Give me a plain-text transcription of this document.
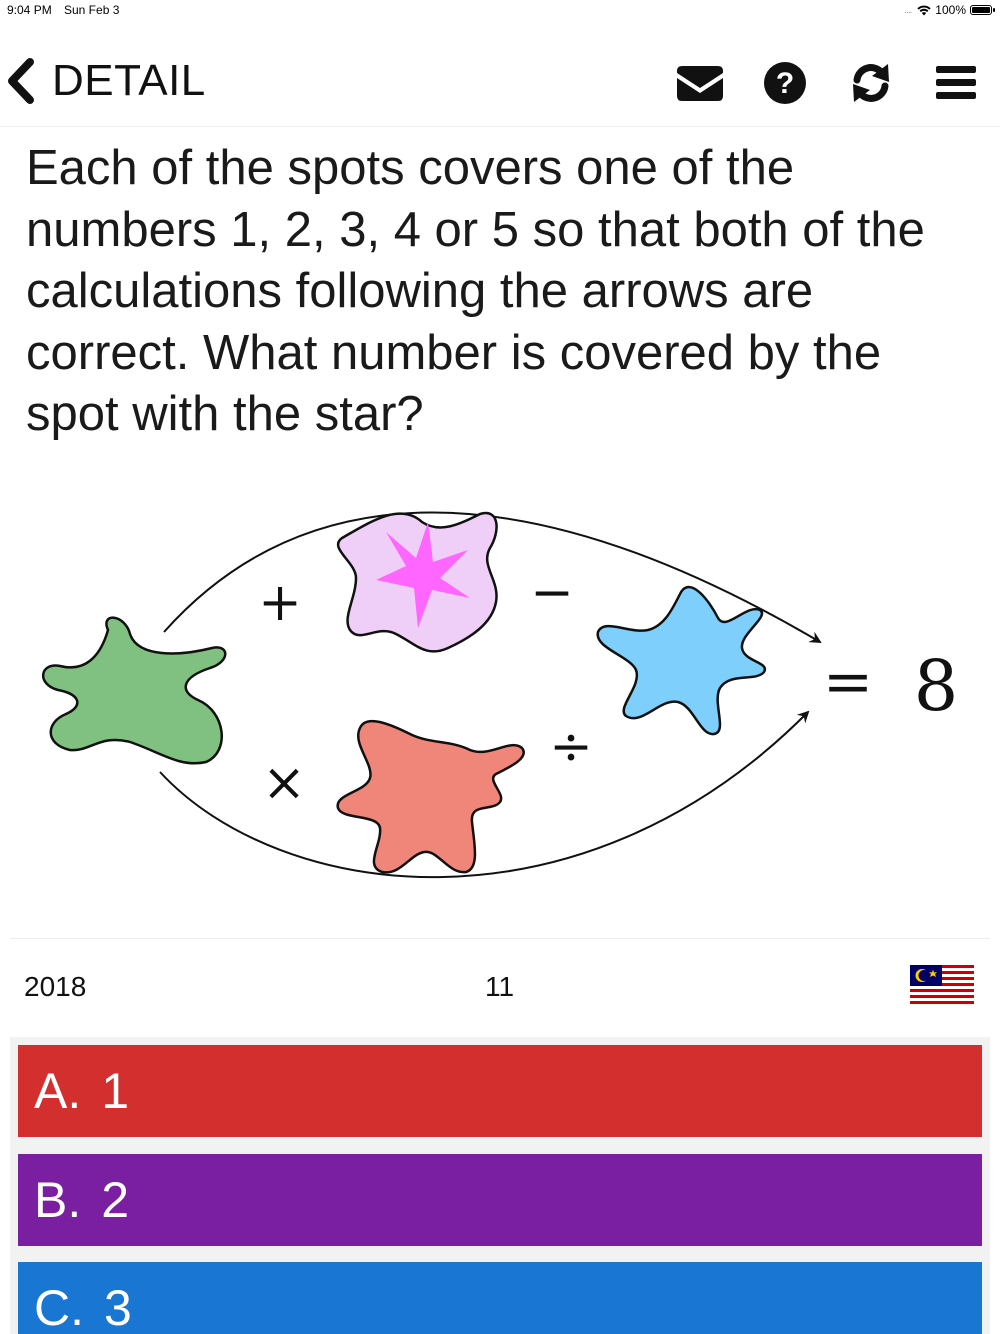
9:04 PM Sun Feb 3	.... 100%
DETAIL	?
Each of the spots covers one of the numbers 1, 2, 3, 4 or 5 so that both of the calculations following the arrows are correct. What number is covered by the spot with the star?
+	−
×
÷
= 8
2018	11
A. 1
B. 2
C. 3
